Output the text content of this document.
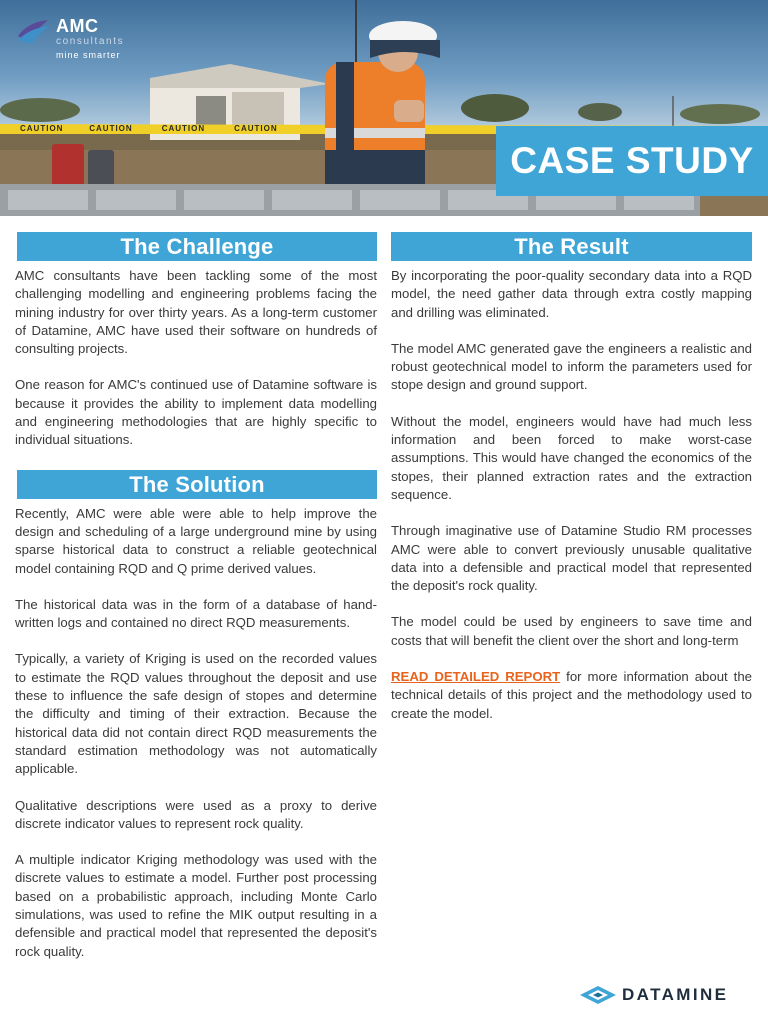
CAUTION	CAUTION	CAUTION	CAUTION
AMC
consultants
mine smarter
CASE STUDY
The Challenge

AMC consultants have been tackling some of the most challenging modelling and engineering problems facing the mining industry for over thirty years. As a long-term customer of Datamine, AMC have used their software on hundreds of consulting projects.

One reason for AMC's continued use of Datamine software is because it provides the ability to implement data modelling and engineering methodologies that are highly specific to individual situations.

The Solution

Recently, AMC were able were able to help improve the design and scheduling of a large underground mine by using sparse historical data to construct a reliable geotechnical model containing RQD and Q prime derived values.

The historical data was in the form of a database of hand-written logs and contained no direct RQD measurements.

Typically, a variety of Kriging is used on the recorded values to estimate the RQD values throughout the deposit and use these to influence the safe design of stopes and determine the difficulty and timing of their extraction. Because the historical data did not contain direct RQD measurements the standard estimation methodology was not automatically applicable.

Qualitative descriptions were used as a proxy to derive discrete indicator values to represent rock quality.

A multiple indicator Kriging methodology was used with the discrete values to estimate a model. Further post processing based on a probabilistic approach, including Monte Carlo simulations, was used to refine the MIK output resulting in a defensible and practical model that represented the deposit's rock quality.

The Result

By incorporating the poor-quality secondary data into a RQD model, the need gather data through extra costly mapping and drilling was eliminated.

The model AMC generated gave the engineers a realistic and robust geotechnical model to inform the parameters used for stope design and ground support.

Without the model, engineers would have had much less information and been forced to make worst-case assumptions. This would have changed the economics of the stopes, their planned extraction rates and the extraction sequence.

Through imaginative use of Datamine Studio RM processes AMC were able to convert previously unusable qualitative data into a defensible and practical model that represented the deposit's rock quality.

The model could be used by engineers to save time and costs that will benefit the client over the short and long-term

READ DETAILED REPORT for more information about the technical details of this project and the methodology used to create the model.

DATAMINE
